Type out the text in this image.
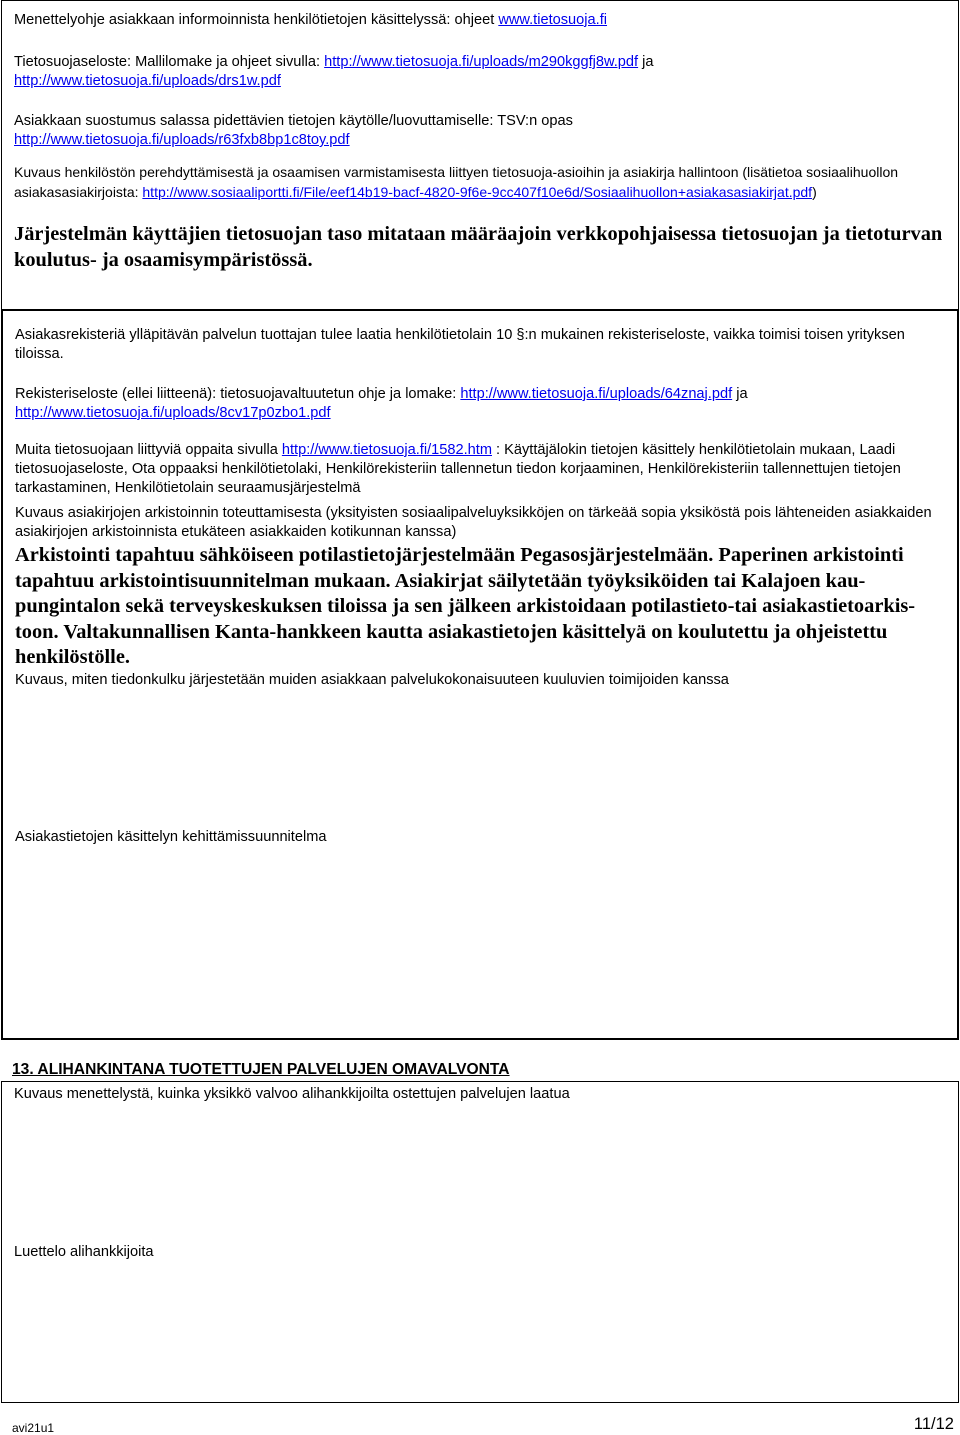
Menettelyohje asiakkaan informoinnista henkilötietojen käsittelyssä: ohjeet www.tietosuoja.fi

Tietosuojaseloste: Mallilomake ja ohjeet sivulla: http://www.tietosuoja.fi/uploads/m290kggfj8w.pdf ja
http://www.tietosuoja.fi/uploads/drs1w.pdf

Asiakkaan suostumus salassa pidettävien tietojen käytölle/luovuttamiselle: TSV:n opas
http://www.tietosuoja.fi/uploads/r63fxb8bp1c8toy.pdf

Kuvaus henkilöstön perehdyttämisestä ja osaamisen varmistamisesta liittyen tietosuoja-asioihin ja asiakirja hallintoon (lisätietoa sosiaalihuollon asiakasasiakirjoista: http://www.sosiaaliportti.fi/File/eef14b19-bacf-4820-9f6e-9cc407f10e6d/Sosiaalihuollon+asiakasasiakirjat.pdf)

Järjestelmän käyttäjien tietosuojan taso mitataan määräajoin verkkopohjaisessa tietosuojan ja tietoturvan koulutus- ja osaamisympäristössä.

Asiakasrekisteriä ylläpitävän palvelun tuottajan tulee laatia henkilötietolain 10 §:n mukainen rekisteriseloste, vaikka toimisi toisen yrityksen tiloissa.

Rekisteriseloste (ellei liitteenä): tietosuojavaltuutetun ohje ja lomake: http://www.tietosuoja.fi/uploads/64znaj.pdf ja
http://www.tietosuoja.fi/uploads/8cv17p0zbo1.pdf

Muita tietosuojaan liittyviä oppaita sivulla http://www.tietosuoja.fi/1582.htm : Käyttäjälokin tietojen käsittely henkilötietolain mukaan, Laadi tietosuojaseloste, Ota oppaaksi henkilötietolaki, Henkilörekisteriin tallennetun tiedon korjaaminen, Henkilörekisteriin tallennettujen tietojen tarkastaminen, Henkilötietolain seuraamusjärjestelmä

Kuvaus asiakirjojen arkistoinnin toteuttamisesta (yksityisten sosiaalipalveluyksikköjen on tärkeää sopia yksiköstä pois lähteneiden asiakkaiden asiakirjojen arkistoinnista etukäteen asiakkaiden kotikunnan kanssa)

Arkistointi tapahtuu sähköiseen potilastietojärjestelmään Pegasosjärjestelmään. Paperinen arkistointi tapahtuu arkistointisuunnitelman mukaan. Asiakirjat säilytetään työyksiköiden tai Kalajoen kau-pungintalon sekä terveyskeskuksen tiloissa ja sen jälkeen arkistoidaan potilastieto-tai asiakastietoarkis-toon. Valtakunnallisen Kanta-hankkeen kautta asiakastietojen käsittelyä on koulutettu ja ohjeistettu henkilöstölle.

Kuvaus, miten tiedonkulku järjestetään muiden asiakkaan palvelukokonaisuuteen kuuluvien toimijoiden kanssa

Asiakastietojen käsittelyn kehittämissuunnitelma

13. ALIHANKINTANA TUOTETTUJEN PALVELUJEN OMAVALVONTA

Kuvaus menettelystä, kuinka yksikkö valvoo alihankkijoilta ostettujen palvelujen laatua

Luettelo alihankkijoita

avi21u1	11/12
